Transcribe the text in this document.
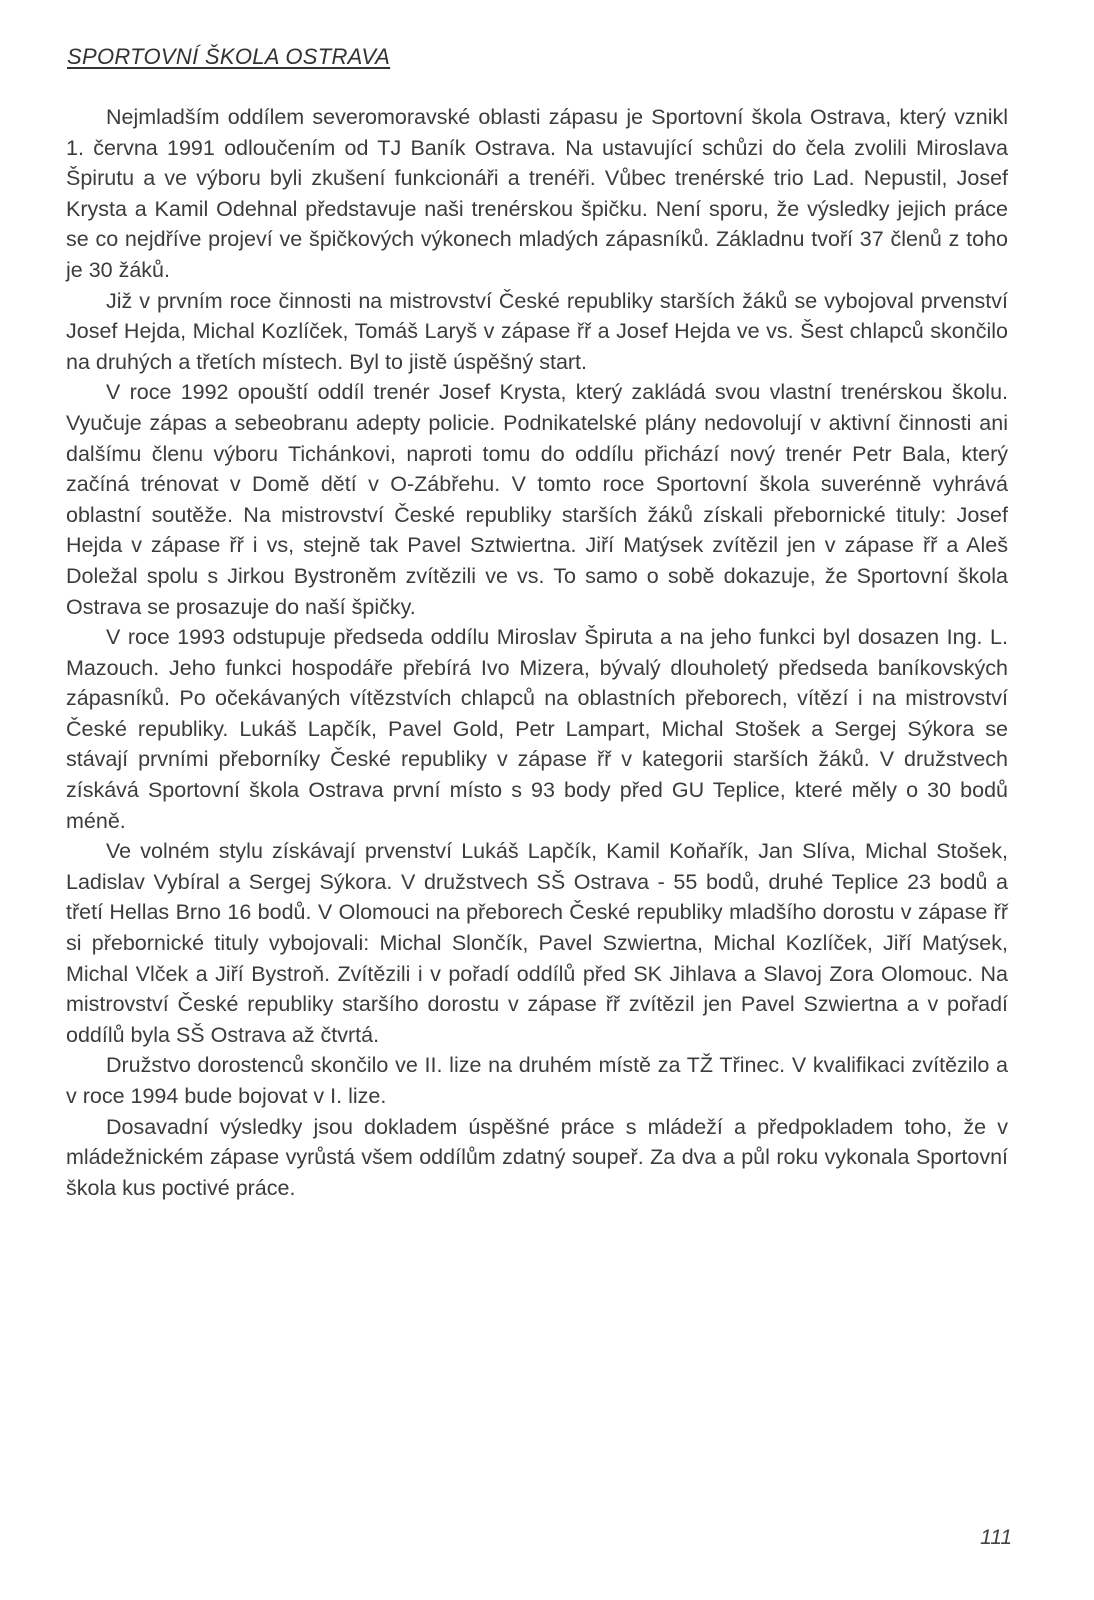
SPORTOVNÍ ŠKOLA OSTRAVA

Nejmladším oddílem severomoravské oblasti zápasu je Sportovní škola Ostrava, který vznikl 1. června 1991 odloučením od TJ Baník Ostrava. Na ustavující schůzi do čela zvolili Miroslava Špirutu a ve výboru byli zkušení funkcionáři a trenéři. Vůbec trenérské trio Lad. Nepustil, Josef Krysta a Kamil Odehnal představuje naši trenérskou špičku. Není sporu, že výsledky jejich práce se co nejdříve projeví ve špičkových výkonech mladých zápasníků. Základnu tvoří 37 členů z toho je 30 žáků.

Již v prvním roce činnosti na mistrovství České republiky starších žáků se vybojoval prvenství Josef Hejda, Michal Kozlíček, Tomáš Laryš v zápase řř a Josef Hejda ve vs. Šest chlapců skončilo na druhých a třetích místech. Byl to jistě úspěšný start.

V roce 1992 opouští oddíl trenér Josef Krysta, který zakládá svou vlastní trenérskou školu. Vyučuje zápas a sebeobranu adepty policie. Podnikatelské plány nedovolují v aktivní činnosti ani dalšímu členu výboru Tichánkovi, naproti tomu do oddílu přichází nový trenér Petr Bala, který začíná trénovat v Domě dětí v O-Zábřehu. V tomto roce Sportovní škola suverénně vyhrává oblastní soutěže. Na mistrovství České republiky starších žáků získali přebornické tituly: Josef Hejda v zápase řř i vs, stejně tak Pavel Sztwiertna. Jiří Matýsek zvítězil jen v zápase řř a Aleš Doležal spolu s Jirkou Bystroněm zvítězili ve vs. To samo o sobě dokazuje, že Sportovní škola Ostrava se prosazuje do naší špičky.

V roce 1993 odstupuje předseda oddílu Miroslav Špiruta a na jeho funkci byl dosazen Ing. L. Mazouch. Jeho funkci hospodáře přebírá Ivo Mizera, bývalý dlouholetý předseda baníkovských zápasníků. Po očekávaných vítězstvích chlapců na oblastních přeborech, vítězí i na mistrovství České republiky. Lukáš Lapčík, Pavel Gold, Petr Lampart, Michal Stošek a Sergej Sýkora se stávají prvními přeborníky České republiky v zápase řř v kategorii starších žáků. V družstvech získává Sportovní škola Ostrava první místo s 93 body před GU Teplice, které měly o 30 bodů méně.

Ve volném stylu získávají prvenství Lukáš Lapčík, Kamil Koňařík, Jan Slíva, Michal Stošek, Ladislav Vybíral a Sergej Sýkora. V družstvech SŠ Ostrava - 55 bodů, druhé Teplice 23 bodů a třetí Hellas Brno 16 bodů. V Olomouci na přeborech České republiky mladšího dorostu v zápase řř si přebornické tituly vybojovali: Michal Slončík, Pavel Szwiertna, Michal Kozlíček, Jiří Matýsek, Michal Vlček a Jiří Bystroň. Zvítězili i v pořadí oddílů před SK Jihlava a Slavoj Zora Olomouc. Na mistrovství České republiky staršího dorostu v zápase řř zvítězil jen Pavel Szwiertna a v pořadí oddílů byla SŠ Ostrava až čtvrtá.

Družstvo dorostenců skončilo ve II. lize na druhém místě za TŽ Třinec. V kvalifikaci zvítězilo a v roce 1994 bude bojovat v I. lize.

Dosavadní výsledky jsou dokladem úspěšné práce s mládeží a předpokladem toho, že v mládežnickém zápase vyrůstá všem oddílům zdatný soupeř. Za dva a půl roku vykonala Sportovní škola kus poctivé práce.

111
